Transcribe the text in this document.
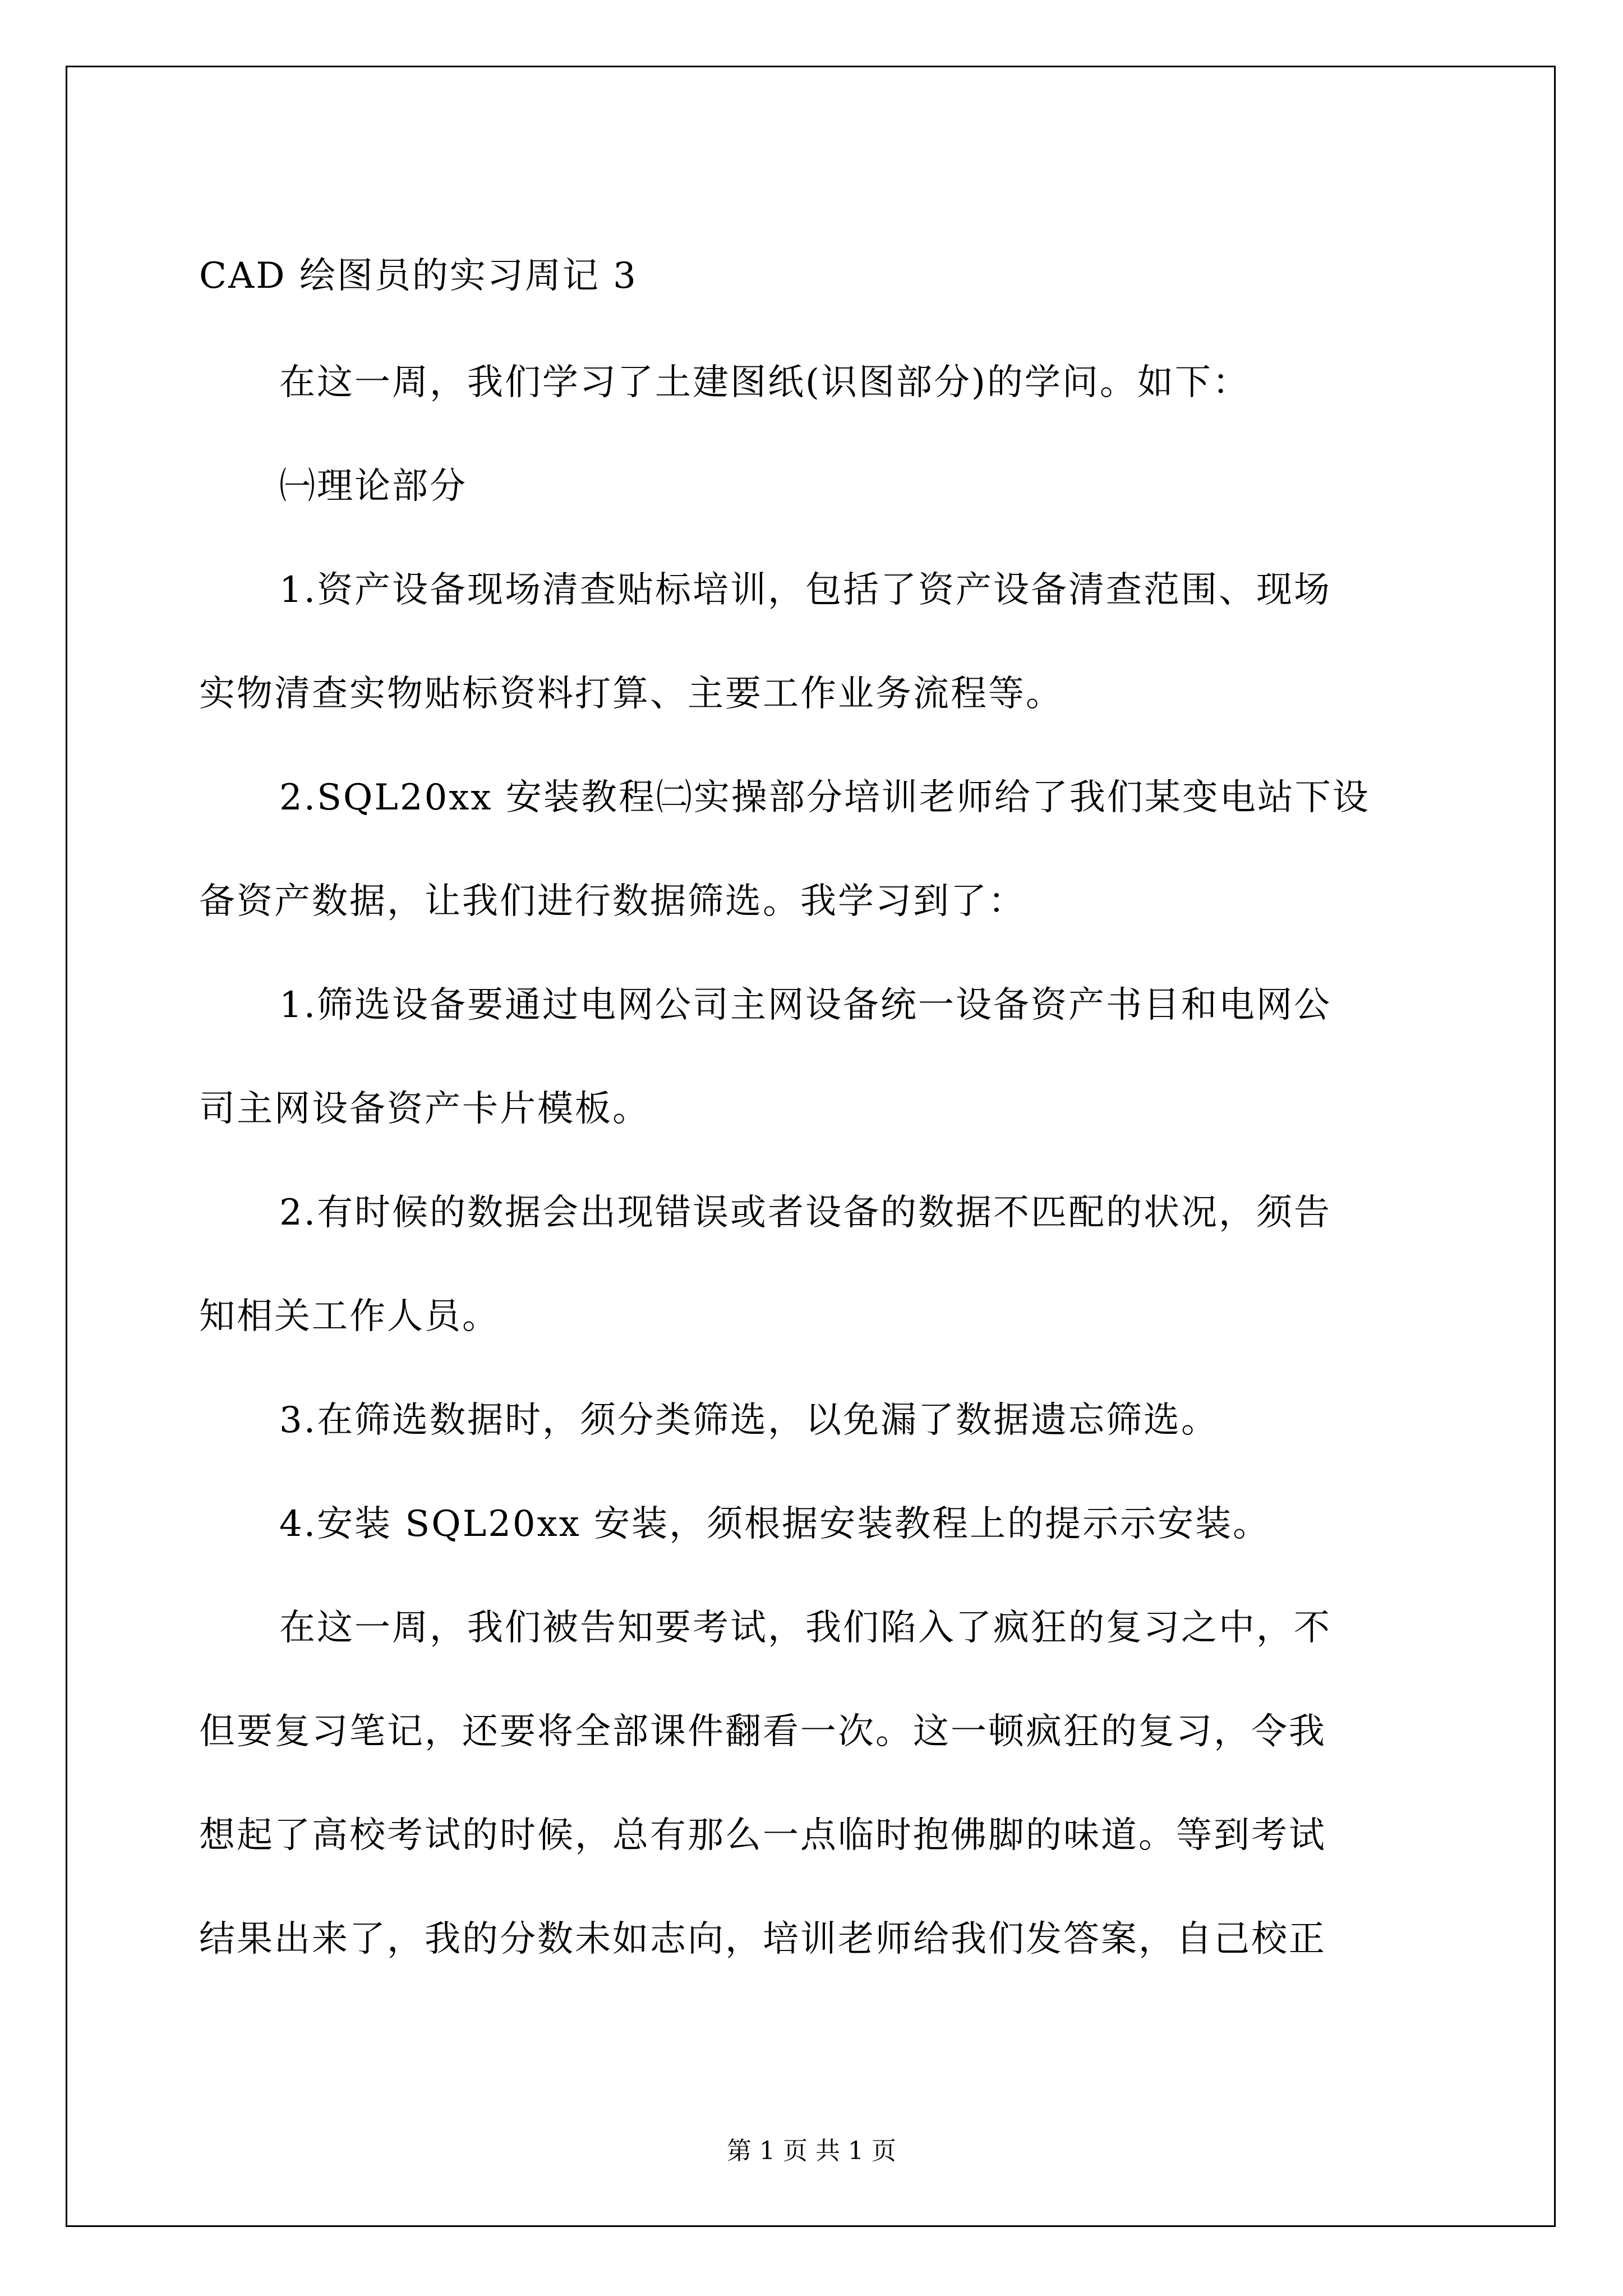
CAD 绘图员的实习周记 3
在这一周，我们学习了土建图纸(识图部分)的学问。如下：
㈠理论部分
1.资产设备现场清查贴标培训，包括了资产设备清查范围、现场
实物清查实物贴标资料打算、主要工作业务流程等。
2.SQL20xx 安装教程㈡实操部分培训老师给了我们某变电站下设
备资产数据，让我们进行数据筛选。我学习到了：
1.筛选设备要通过电网公司主网设备统一设备资产书目和电网公
司主网设备资产卡片模板。
2.有时候的数据会出现错误或者设备的数据不匹配的状况，须告
知相关工作人员。
3.在筛选数据时，须分类筛选，以免漏了数据遗忘筛选。
4.安装 SQL20xx 安装，须根据安装教程上的提示示安装。
在这一周，我们被告知要考试，我们陷入了疯狂的复习之中，不
但要复习笔记，还要将全部课件翻看一次。这一顿疯狂的复习，令我
想起了高校考试的时候，总有那么一点临时抱佛脚的味道。等到考试
结果出来了，我的分数未如志向，培训老师给我们发答案，自己校正
第 1 页 共 1 页
